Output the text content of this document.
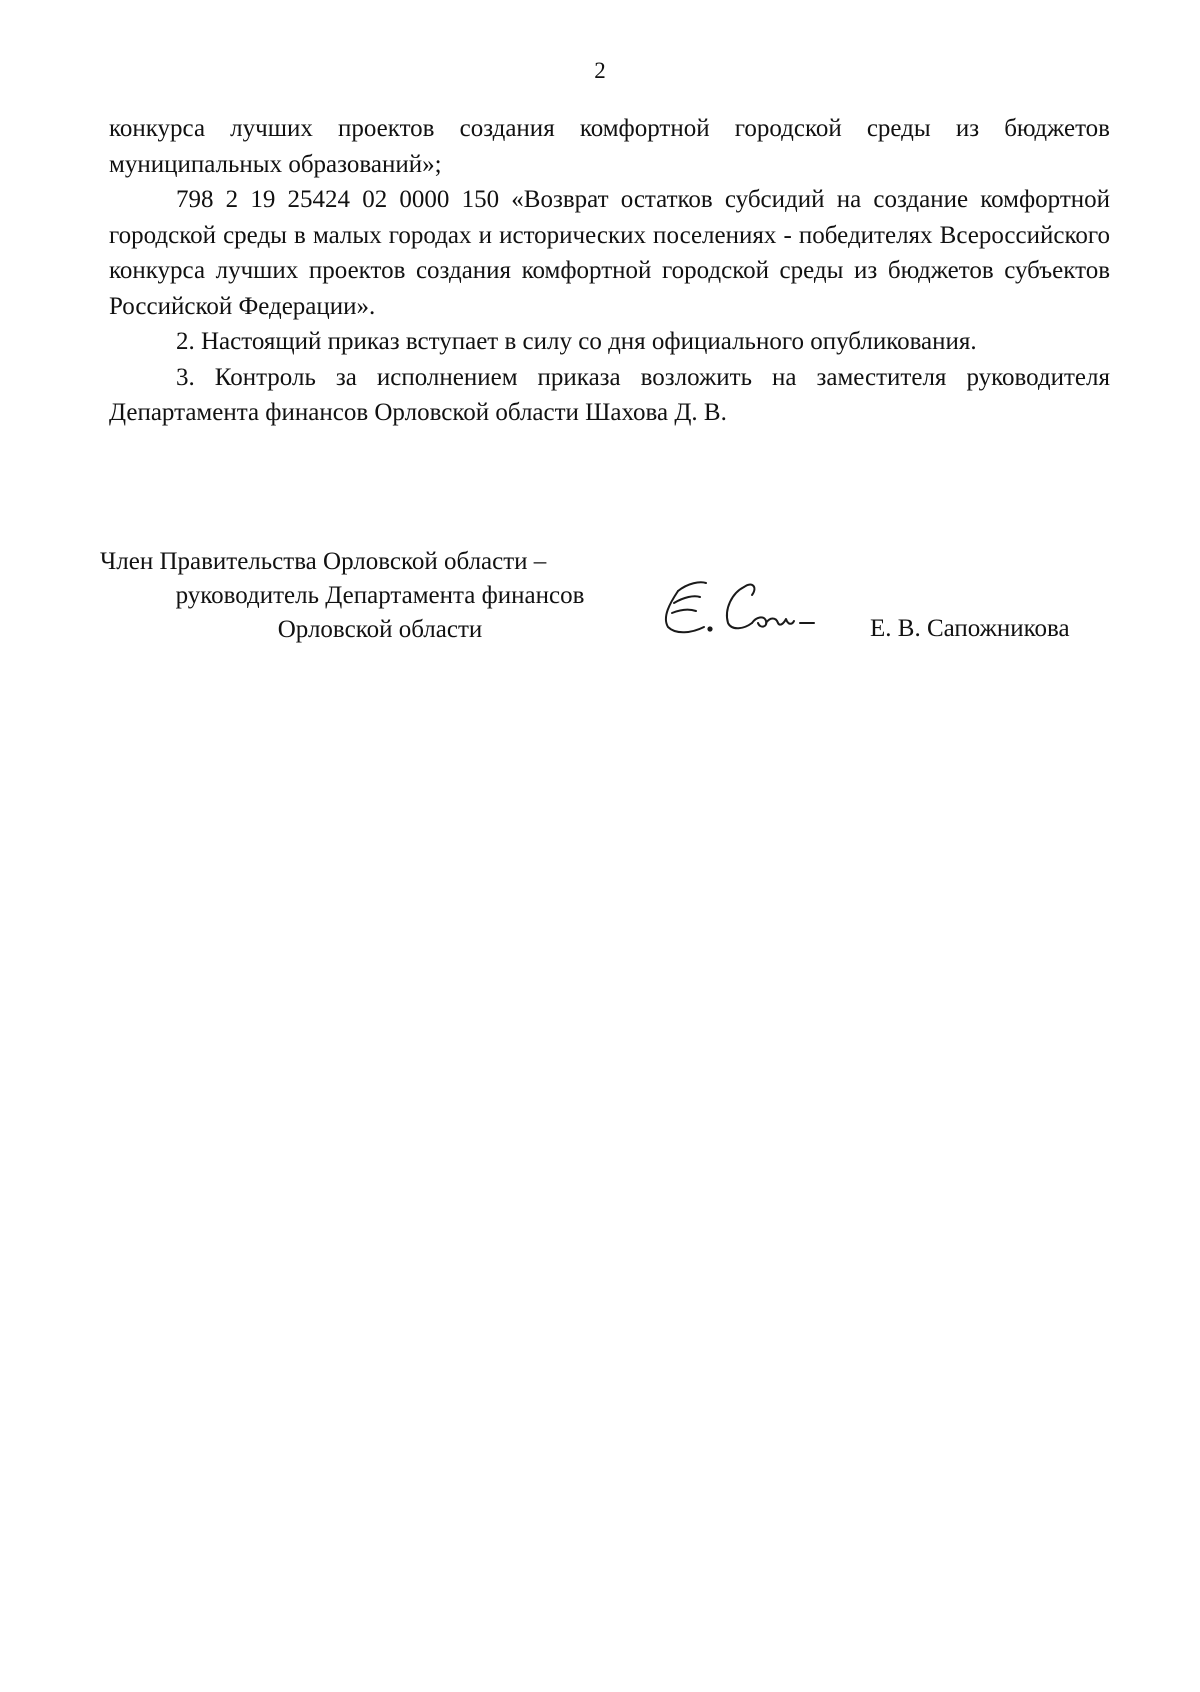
2

конкурса лучших проектов создания комфортной городской среды из бюджетов муниципальных образований»;

798 2 19 25424 02 0000 150 «Возврат остатков субсидий на создание комфортной городской среды в малых городах и исторических поселениях - победителях Всероссийского конкурса лучших проектов создания комфортной городской среды из бюджетов субъектов Российской Федерации».

2. Настоящий приказ вступает в силу со дня официального опубликования.

3. Контроль за исполнением приказа возложить на заместителя руководителя Департамента финансов Орловской области Шахова Д. В.

Член Правительства Орловской области –
руководитель Департамента финансов
Орловской области	Е. В. Сапожникова
